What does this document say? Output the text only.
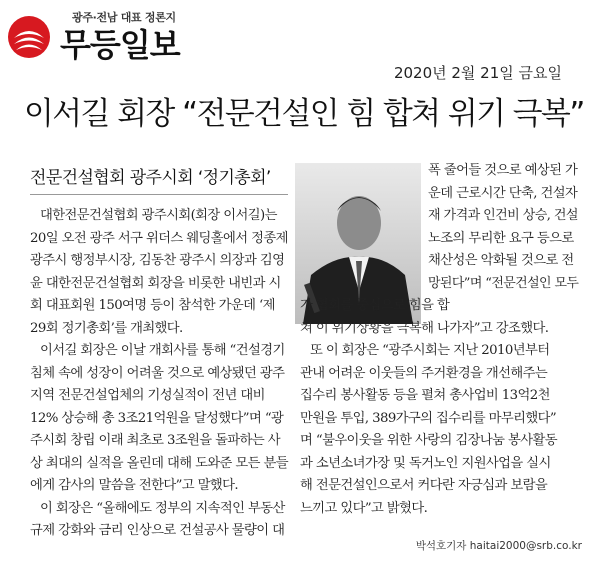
광주·전남 대표 정론지
무등일보
2020년 2월 21일 금요일
이서길 회장 “전문건설인 힘 합쳐 위기 극복”
전문건설협회 광주시회 ‘정기총회’
대한전문건설협회 광주시회(회장 이서길)는
20일 오전 광주 서구 위더스 웨딩홀에서 정종제
광주시 행정부시장, 김동찬 광주시 의장과 김영
윤 대한전문건설협회 회장을 비롯한 내빈과 시
회 대표회원 150여명 등이 참석한 가운데 ‘제
29회 정기총회’를 개최했다.
이서길 회장은 이날 개회사를 통해 “건설경기
침체 속에 성장이 어려울 것으로 예상됐던 광주
지역 전문건설업체의 기성실적이 전년 대비
12% 상승해 총 3조21억원을 달성했다”며 “광
주시회 창립 이래 최초로 3조원을 돌파하는 사
상 최대의 실적을 올린데 대해 도와준 모든 분들
에게 감사의 말씀을 전한다”고 말했다.
이 회장은 “올해에도 정부의 지속적인 부동산
규제 강화와 금리 인상으로 건설공사 물량이 대
폭 줄어들 것으로 예상된 가
운데 근로시간 단축, 건설자
재 가격과 인건비 상승, 건설
노조의 무리한 요구 등으로
채산성은 악화될 것으로 전
망된다”며 “전문건설인 모두
가 협회를 중심으로 힘을 합
쳐 이 위기상황을 극복해 나가자”고 강조했다.
또 이 회장은 “광주시회는 지난 2010년부터
관내 어려운 이웃들의 주거환경을 개선해주는
집수리 봉사활동 등을 펼쳐 총사업비 13억2천
만원을 투입, 389가구의 집수리를 마무리했다”
며 “불우이웃을 위한 사랑의 김장나눔 봉사활동
과 소년소녀가장 및 독거노인 지원사업을 실시
해 전문건설인으로서 커다란 자긍심과 보람을
느끼고 있다”고 밝혔다.
박석호기자 haitai2000@srb.co.kr
